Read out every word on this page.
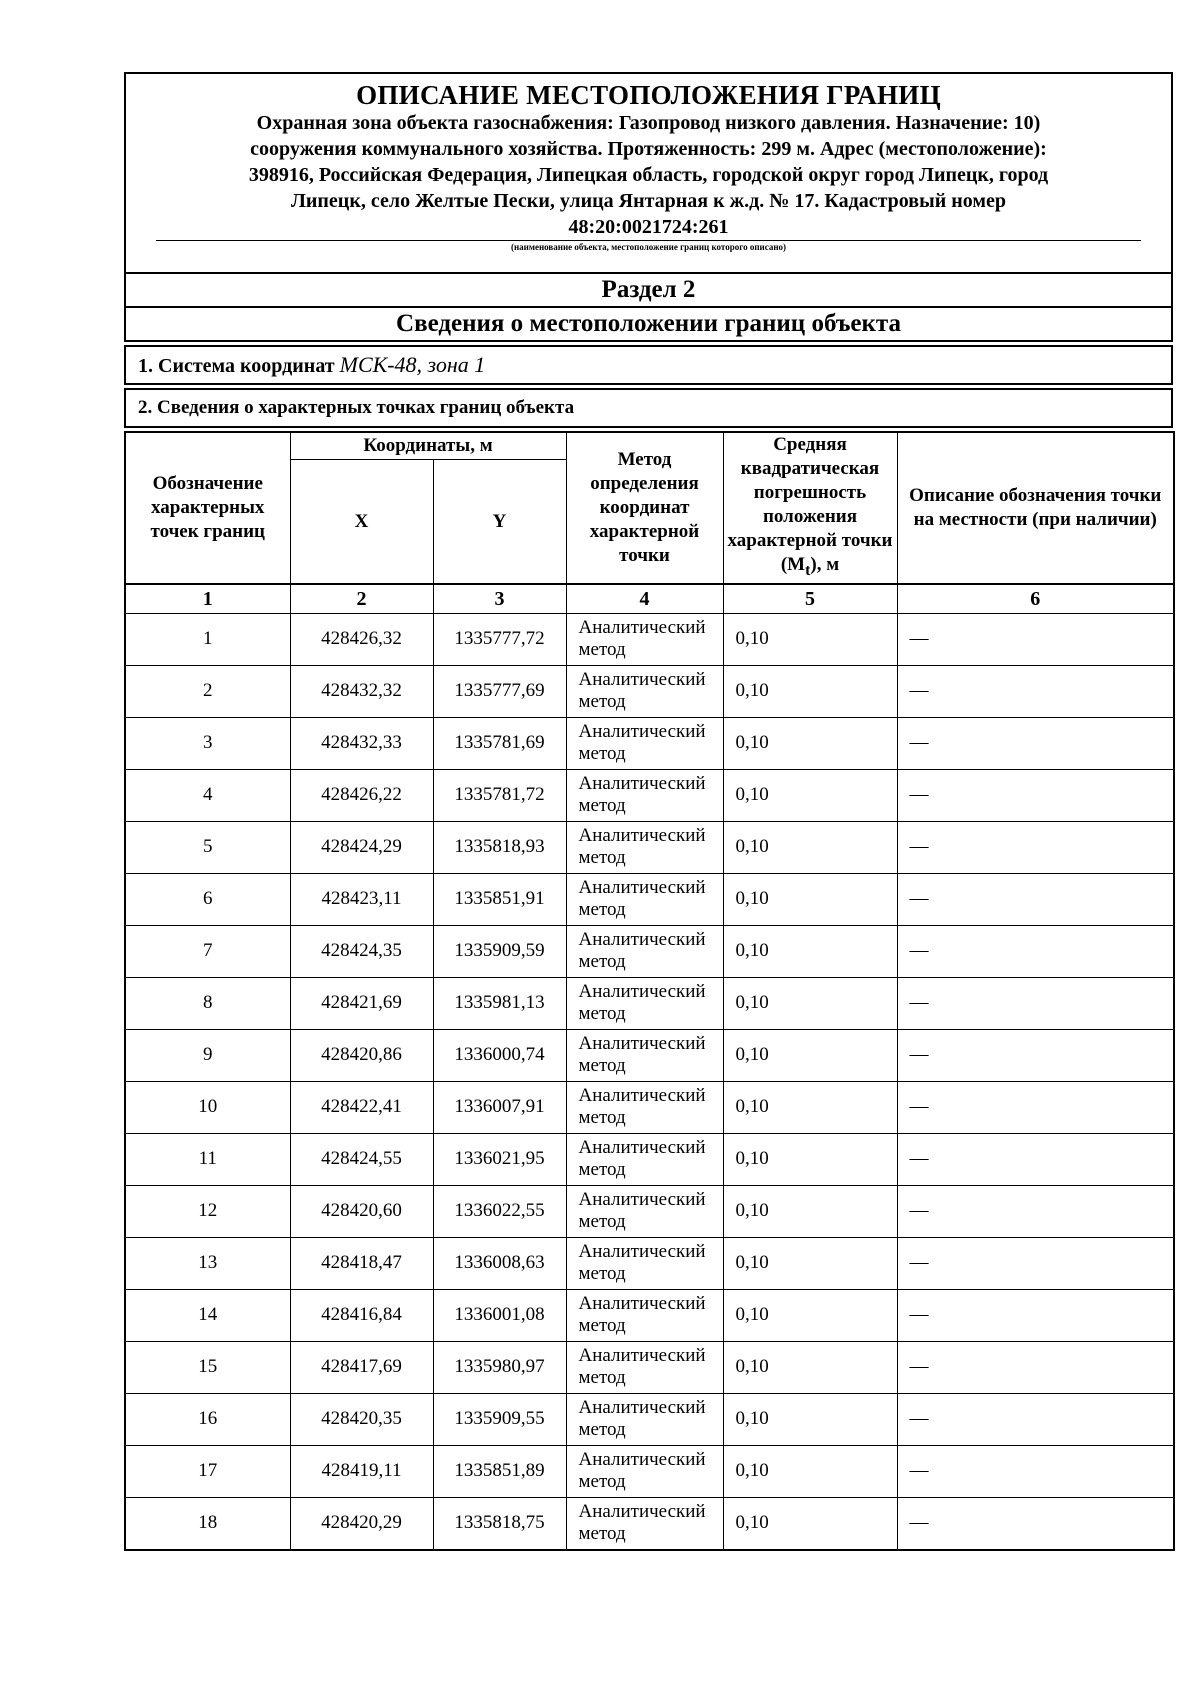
ОПИСАНИЕ МЕСТОПОЛОЖЕНИЯ ГРАНИЦ
Охранная зона объекта газоснабжения: Газопровод низкого давления. Назначение: 10)
сооружения коммунального хозяйства. Протяженность: 299 м. Адрес (местоположение):
398916, Российская Федерация, Липецкая область, городской округ город Липецк, город
Липецк, село Желтые Пески, улица Янтарная к ж.д. № 17. Кадастровый номер
48:20:0021724:261
(наименование объекта, местоположение границ которого описано)
Раздел 2
Сведения о местоположении границ объекта
1. Система координат МСК-48, зона 1
2. Сведения о характерных точках границ объекта
Обозначение характерных точек границ	Координаты, м		Метод определения координат характерной точки	Средняя квадратическая погрешность положения характерной точки $(M_t)$, м	Описание обозначения точки на местности (при наличии)
	X	Y			
1	2	3	4	5	6
1	428426,32	1335777,72	Аналитический метод	0,10	—
2	428432,32	1335777,69	Аналитический метод	0,10	—
3	428432,33	1335781,69	Аналитический метод	0,10	—
4	428426,22	1335781,72	Аналитический метод	0,10	—
5	428424,29	1335818,93	Аналитический метод	0,10	—
6	428423,11	1335851,91	Аналитический метод	0,10	—
7	428424,35	1335909,59	Аналитический метод	0,10	—
8	428421,69	1335981,13	Аналитический метод	0,10	—
9	428420,86	1336000,74	Аналитический метод	0,10	—
10	428422,41	1336007,91	Аналитический метод	0,10	—
11	428424,55	1336021,95	Аналитический метод	0,10	—
12	428420,60	1336022,55	Аналитический метод	0,10	—
13	428418,47	1336008,63	Аналитический метод	0,10	—
14	428416,84	1336001,08	Аналитический метод	0,10	—
15	428417,69	1335980,97	Аналитический метод	0,10	—
16	428420,35	1335909,55	Аналитический метод	0,10	—
17	428419,11	1335851,89	Аналитический метод	0,10	—
18	428420,29	1335818,75	Аналитический метод	0,10	—
